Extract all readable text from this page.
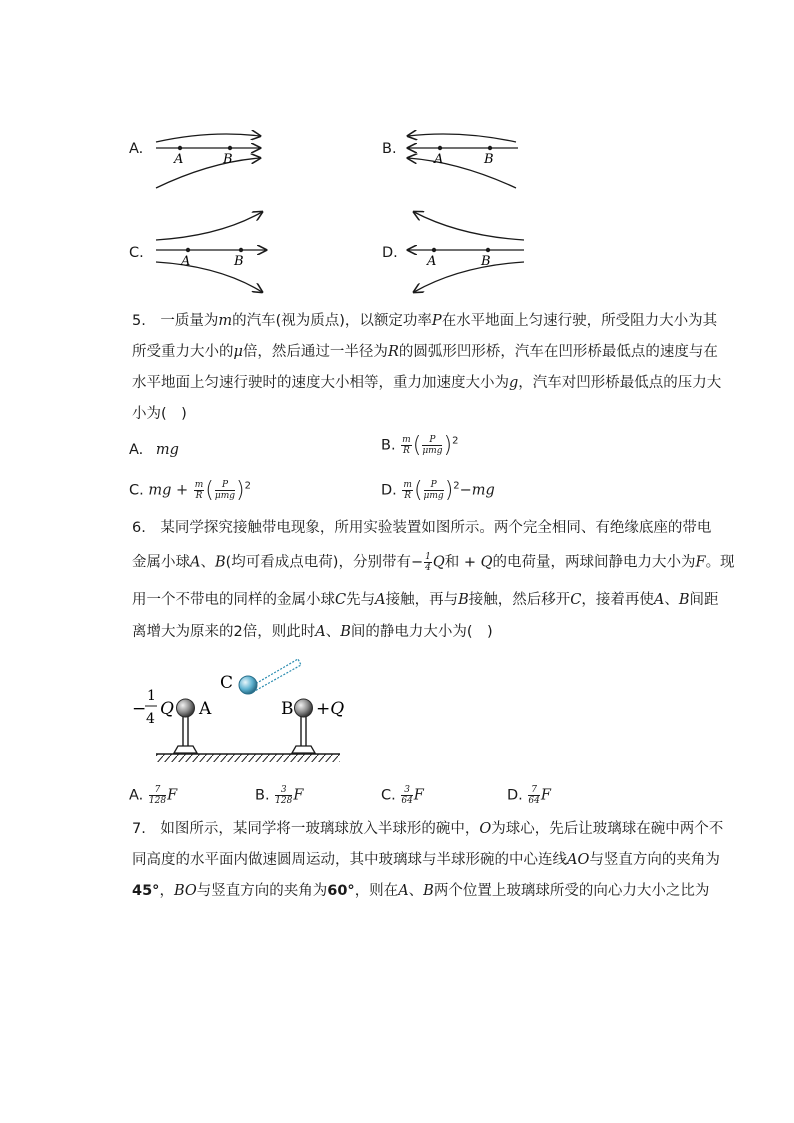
A.
A	B
B.
A	B
C.
A	B
D.
A	B
5.　一质量为m的汽车(视为质点)，以额定功率P在水平地面上匀速行驶，所受阻力大小为其
所受重力大小的μ倍，然后通过一半径为R的圆弧形凹形桥，汽车在凹形桥最低点的速度与在
水平地面上匀速行驶时的速度大小相等，重力加速度大小为g，汽车对凹形桥最低点的压力大
小为(　)
A. mg	B. $\frac{m}{R}$ ( $\frac{P}{\text{μmg}} )^2$
C. mg + $\frac{m}{R}$ ( $\frac{P}{\text{μmg}} )^2$	D. $\frac{m}{R}$ ( $\frac{P}{\text{μmg}} )^2-mg$
6.　某同学探究接触带电现象，所用实验装置如图所示。两个完全相同、有绝缘底座的带电
金属小球A、B(均可看成点电荷)，分别带有− $\frac{1}{4}$ Q和 + Q的电荷量，两球间静电力大小为F。现
用一个不带电的同样的金属小球C先与A接触，再与B接触，然后移开C，接着再使A、B间距
离增大为原来的2倍，则此时A、B间的静电力大小为(　)
C
A
−
1
4 Q	B +Q
A. $\frac{7}{128}$ F	B. $\frac{3}{128}$ F	C. $\frac{3}{64}$ F	D. $\frac{7}{64}$ F
7.　如图所示，某同学将一玻璃球放入半球形的碗中，O为球心，先后让玻璃球在碗中两个不
同高度的水平面内做速圆周运动，其中玻璃球与半球形碗的中心连线AO与竖直方向的夹角为
45°，BO与竖直方向的夹角为60°，则在A、B两个位置上玻璃球所受的向心力大小之比为
